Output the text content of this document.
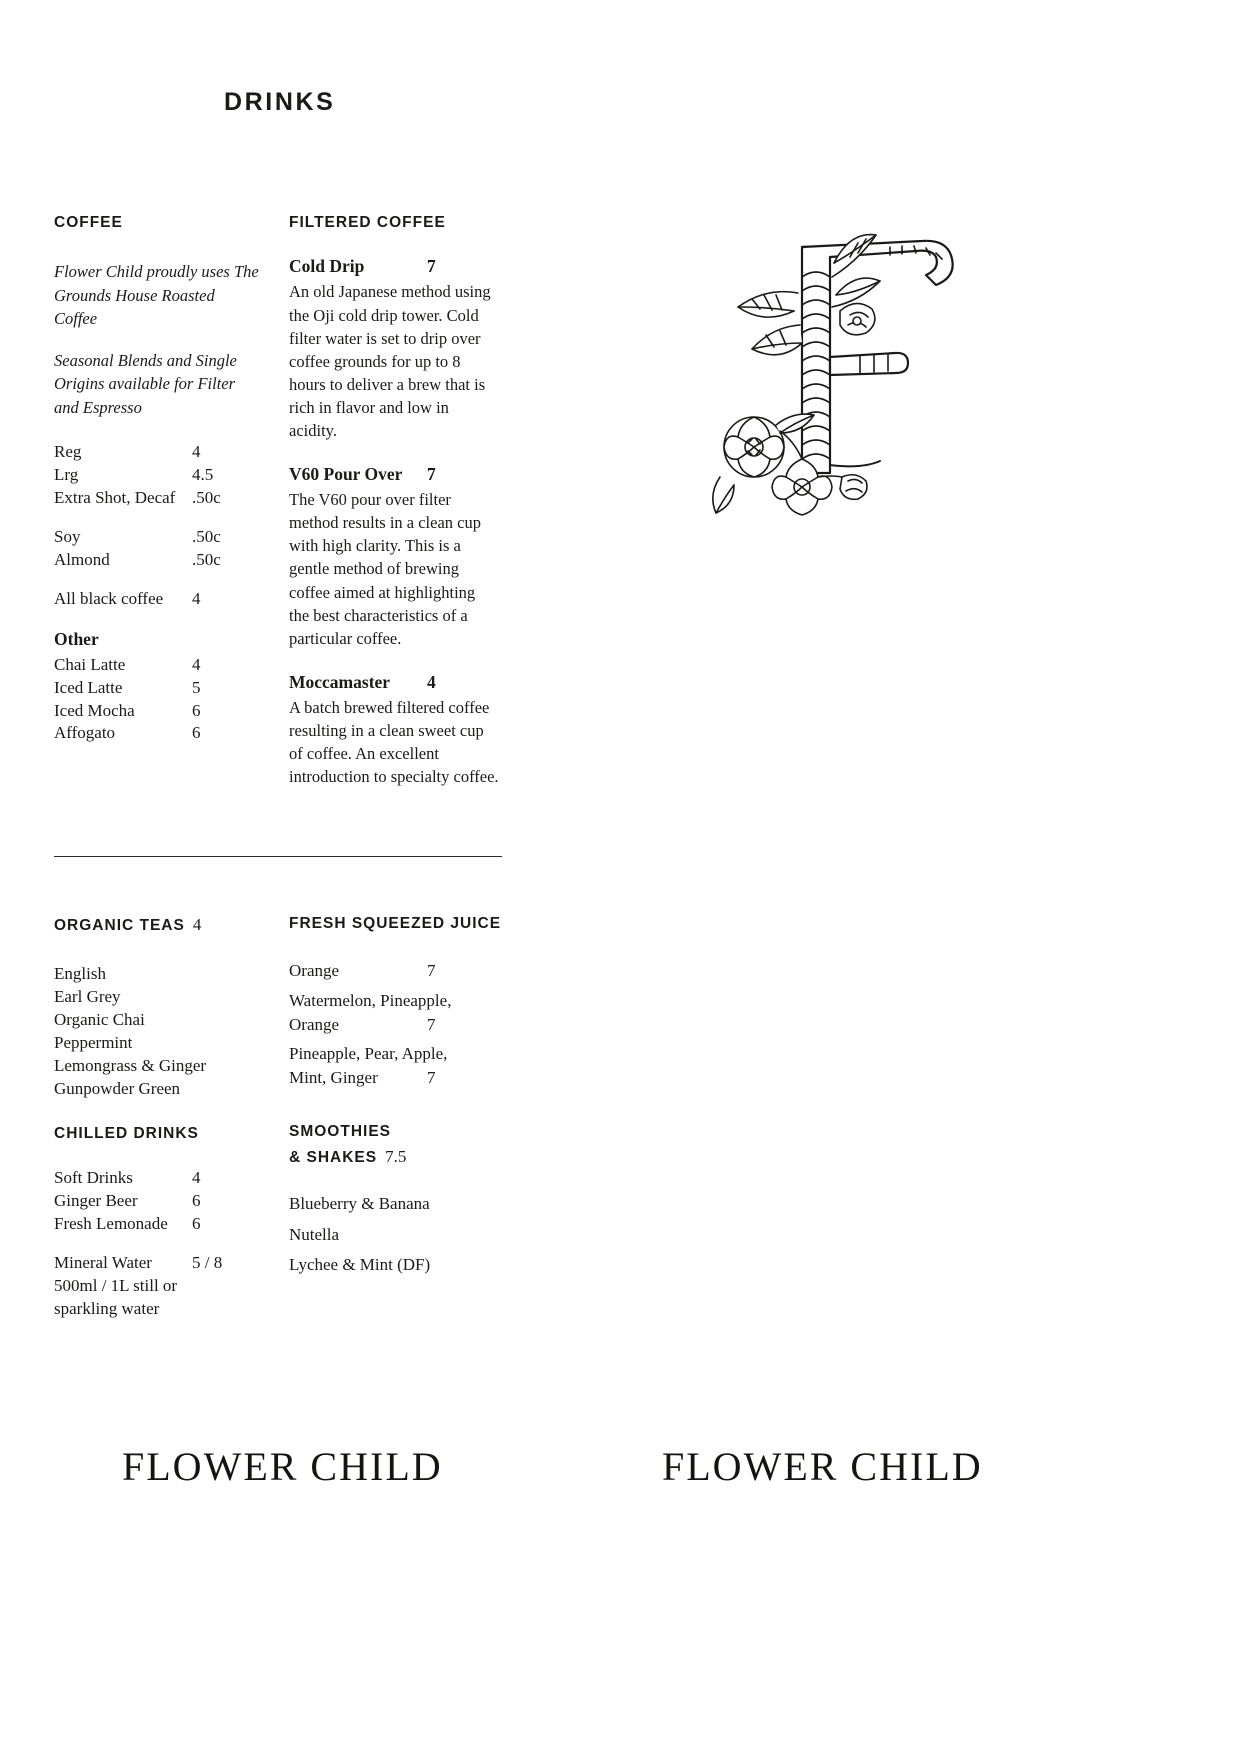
DRINKS
COFFEE
Flower Child proudly uses The Grounds House Roasted Coffee
Seasonal Blends and Single Origins available for Filter and Espresso
Reg	4
Lrg	4.5
Extra Shot, Decaf .50c
Soy	.50c
Almond	.50c
All black coffee	4
Other
Chai Latte	4
Iced Latte	5
Iced Mocha	6
Affogato	6
FILTERED COFFEE
Cold Drip	7
An old Japanese method using the Oji cold drip tower. Cold filter water is set to drip over coffee grounds for up to 8 hours to deliver a brew that is rich in flavor and low in acidity.
V60 Pour Over	7
The V60 pour over filter method results in a clean cup with high clarity. This is a gentle method of brewing coffee aimed at highlighting the best characteristics of a particular coffee.
Moccamaster	4
A batch brewed filtered coffee resulting in a clean sweet cup of coffee. An excellent introduction to specialty coffee.
ORGANIC TEAS 4
English
Earl Grey
Organic Chai
Peppermint
Lemongrass & Ginger
Gunpowder Green
FRESH SQUEEZED JUICE
Orange	7
Watermelon, Pineapple,
Orange	7
Pineapple, Pear, Apple,
Mint, Ginger	7
CHILLED DRINKS
Soft Drinks	4
Ginger Beer	6
Fresh Lemonade	6
Mineral Water	5 / 8
500ml / 1L still or sparkling water
SMOOTHIES
& SHAKES 7.5
Blueberry & Banana
Nutella
Lychee & Mint (DF)
FLOWER CHILD	FLOWER CHILD
